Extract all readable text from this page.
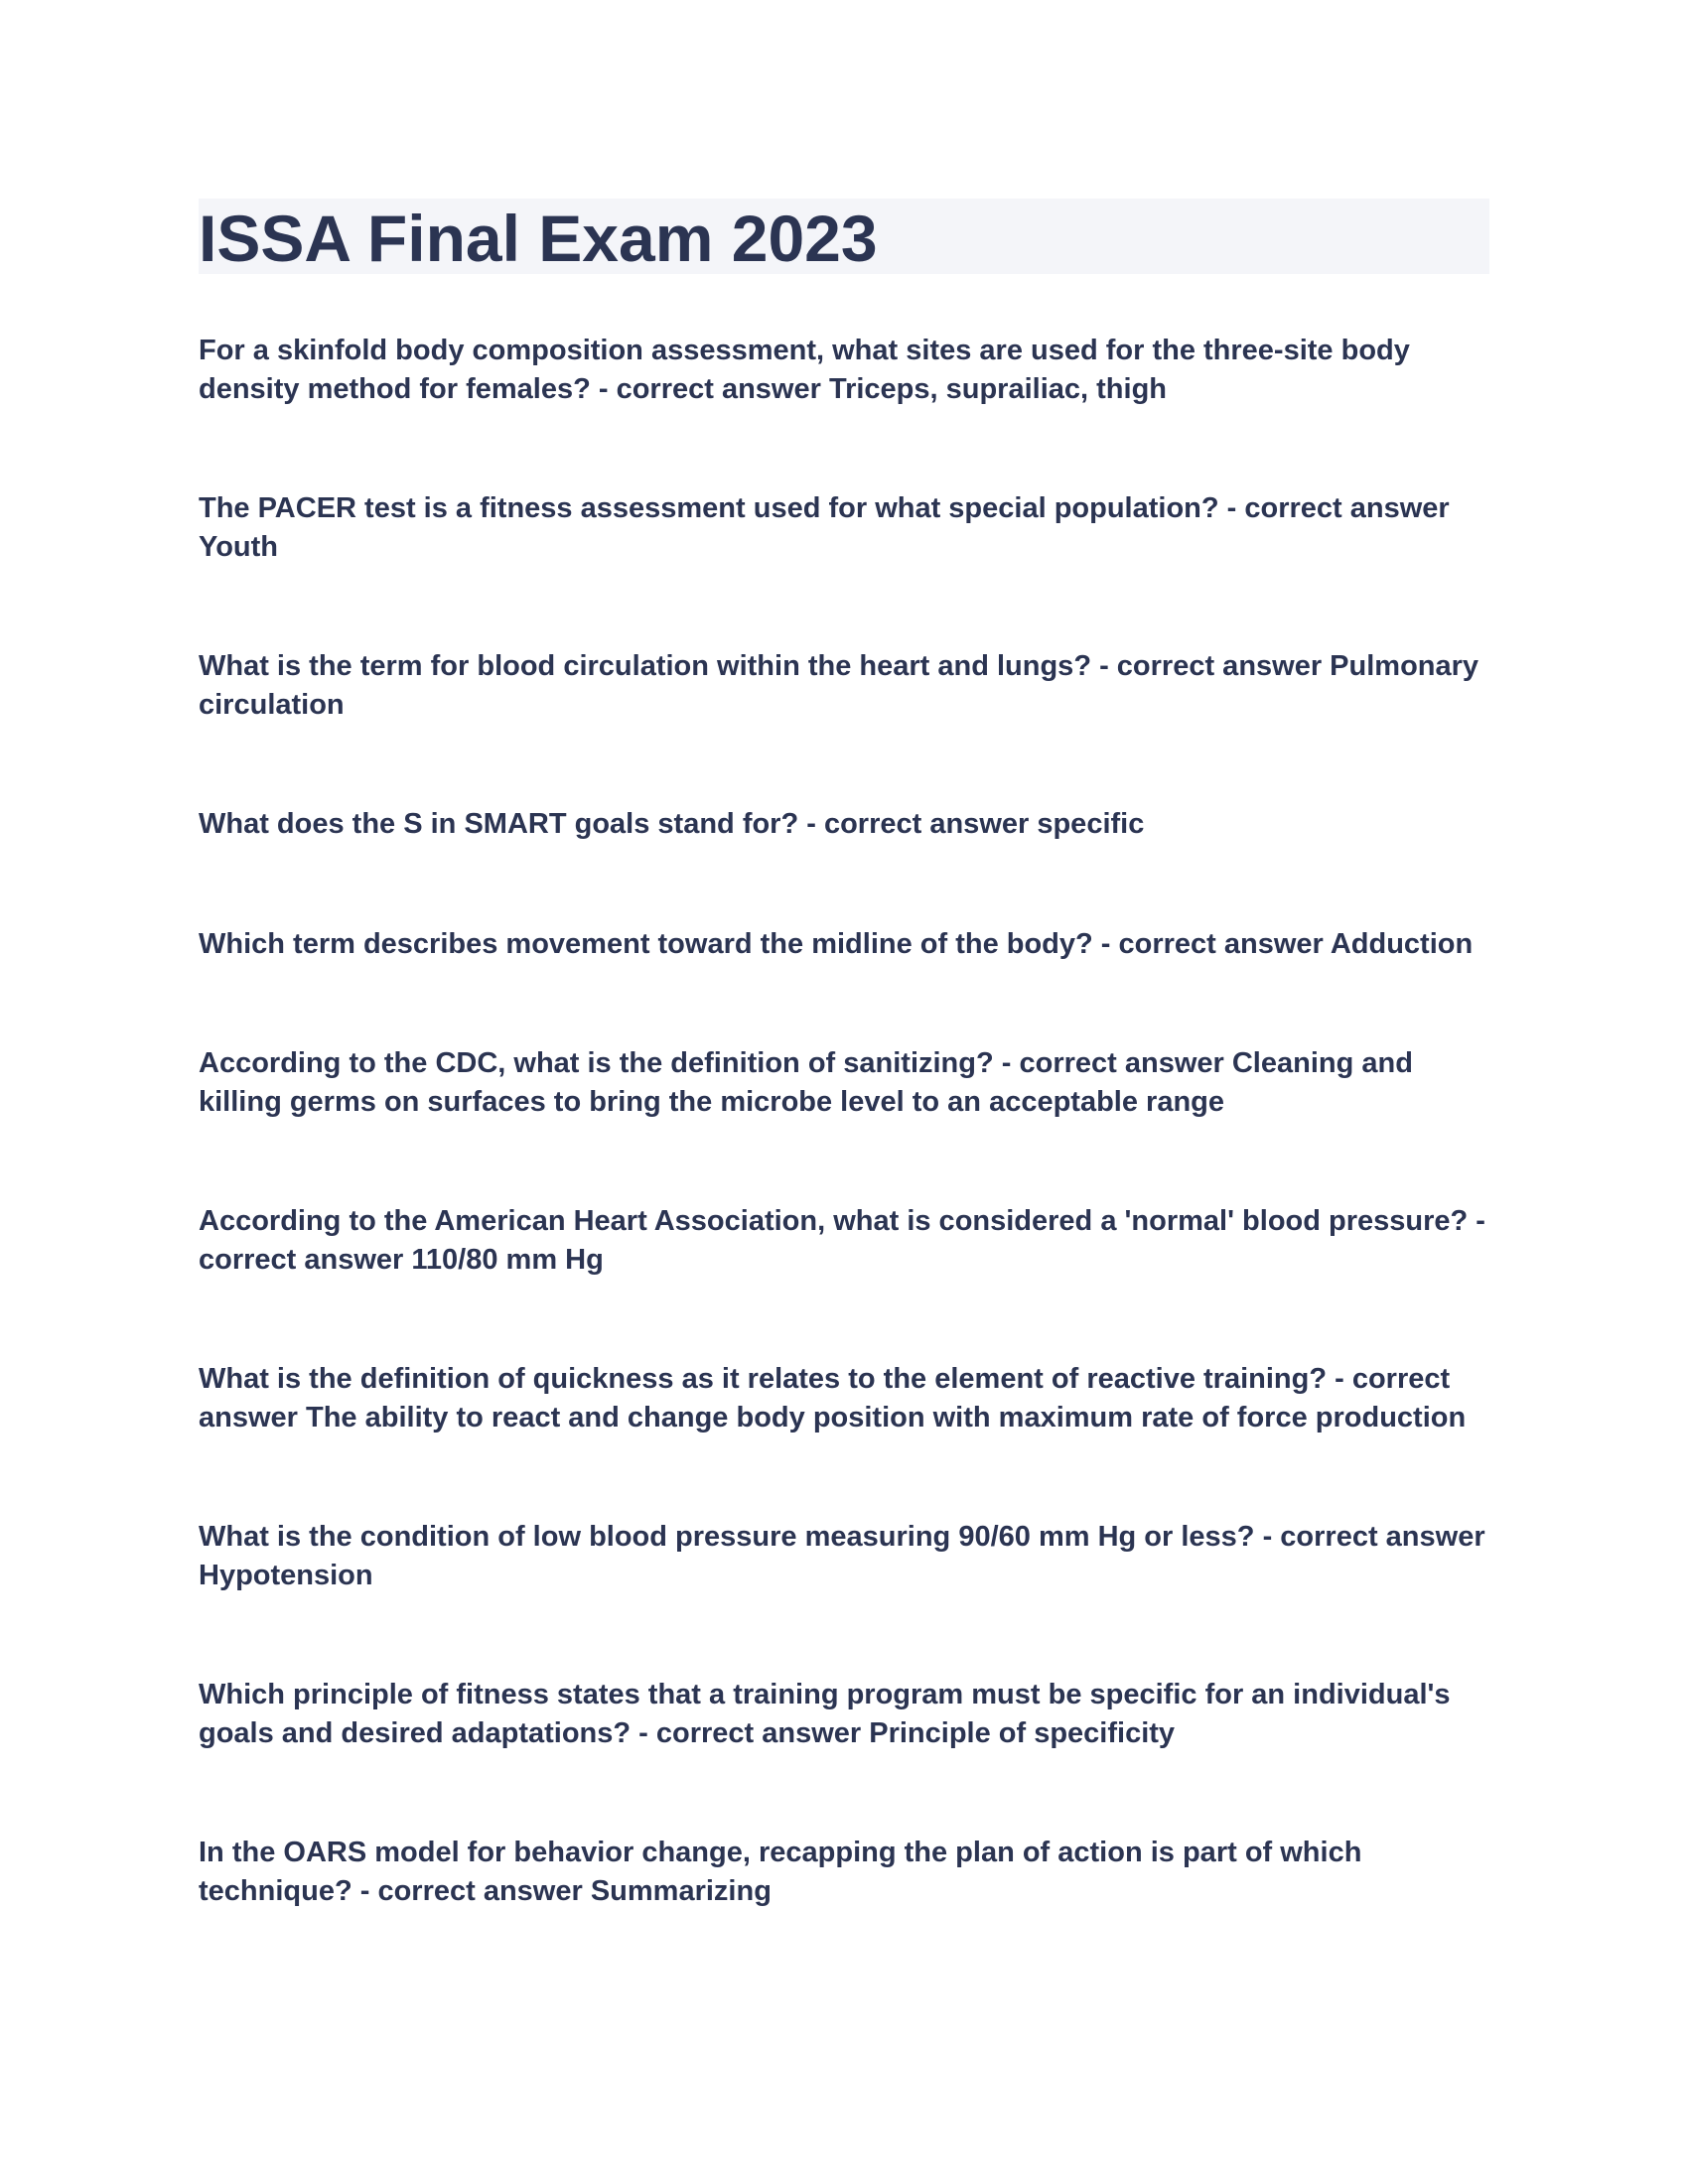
ISSA Final Exam 2023
For a skinfold body composition assessment, what sites are used for the three-site body density method for females? - correct answer Triceps, suprailiac, thigh
The PACER test is a fitness assessment used for what special population? - correct answer Youth
What is the term for blood circulation within the heart and lungs? - correct answer Pulmonary circulation
What does the S in SMART goals stand for? - correct answer specific
Which term describes movement toward the midline of the body? - correct answer Adduction
According to the CDC, what is the definition of sanitizing? - correct answer Cleaning and killing germs on surfaces to bring the microbe level to an acceptable range
According to the American Heart Association, what is considered a 'normal' blood pressure? - correct answer 110/80 mm Hg
What is the definition of quickness as it relates to the element of reactive training? - correct answer The ability to react and change body position with maximum rate of force production
What is the condition of low blood pressure measuring 90/60 mm Hg or less? - correct answer Hypotension
Which principle of fitness states that a training program must be specific for an individual's goals and desired adaptations? - correct answer Principle of specificity
In the OARS model for behavior change, recapping the plan of action is part of which technique? - correct answer Summarizing
